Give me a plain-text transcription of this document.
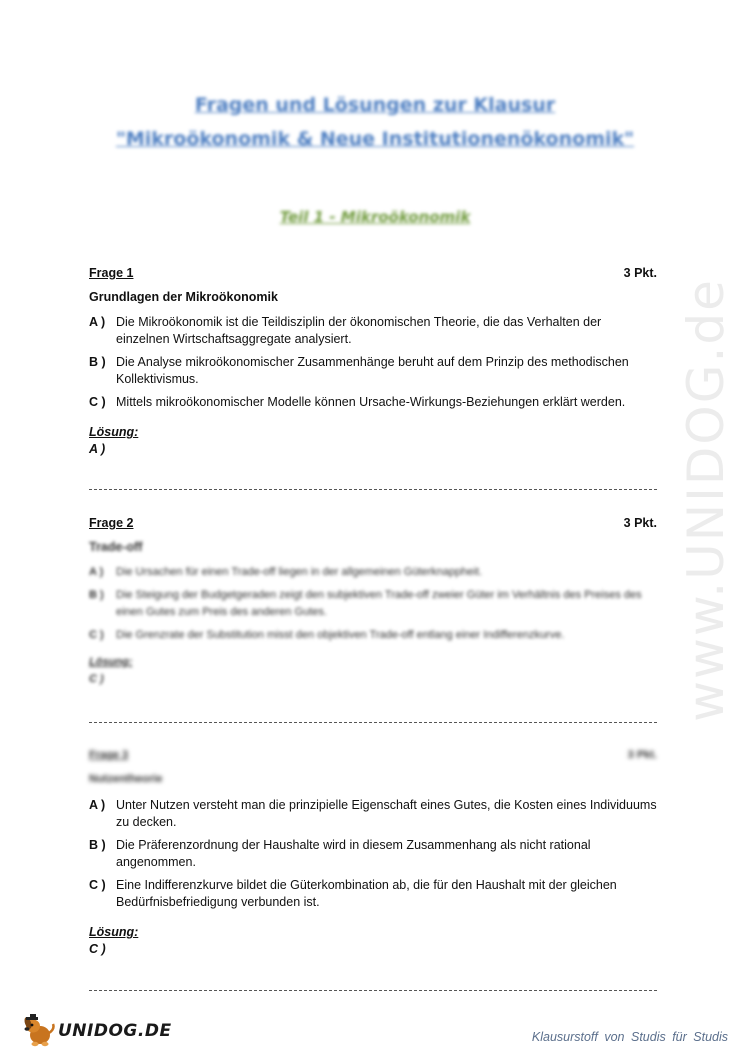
Fragen und Lösungen zur Klausur
"Mikroökonomik & Neue Institutionenökonomik"
Teil 1 - Mikroökonomik
Frage 1	3 Pkt.
Grundlagen der Mikroökonomik
A ) Die Mikroökonomik ist die Teildisziplin der ökonomischen Theorie, die das Verhalten der einzelnen Wirtschaftsaggregate analysiert.
B ) Die Analyse mikroökonomischer Zusammenhänge beruht auf dem Prinzip des methodischen Kollektivismus.
C ) Mittels mikroökonomischer Modelle können Ursache-Wirkungs-Beziehungen erklärt werden.
Lösung:
A )
Frage 2	3 Pkt.
Trade-off
A )	Die Ursachen für einen Trade-off liegen in der allgemeinen Güterknappheit.
B )	Die Steigung der Budgetgeraden zeigt den subjektiven Trade-off zweier Güter im Verhältnis des Preises des einen Gutes zum Preis des anderen Gutes.
C )	Die Grenzrate der Substitution misst den objektiven Trade-off entlang einer Indifferenzkurve.
Lösung:
C )
Frage 3	3 Pkt.
Nutzentheorie
A ) Unter Nutzen versteht man die prinzipielle Eigenschaft eines Gutes, die Kosten eines Individuums zu decken.
B ) Die Präferenzordnung der Haushalte wird in diesem Zusammenhang als nicht rational angenommen.
C ) Eine Indifferenzkurve bildet die Güterkombination ab, die für den Haushalt mit der gleichen Bedürfnisbefriedigung verbunden ist.
Lösung:
C )
www.UNIDOG.de
UNIDOG.DE	Klausurstoff von Studis für Studis
